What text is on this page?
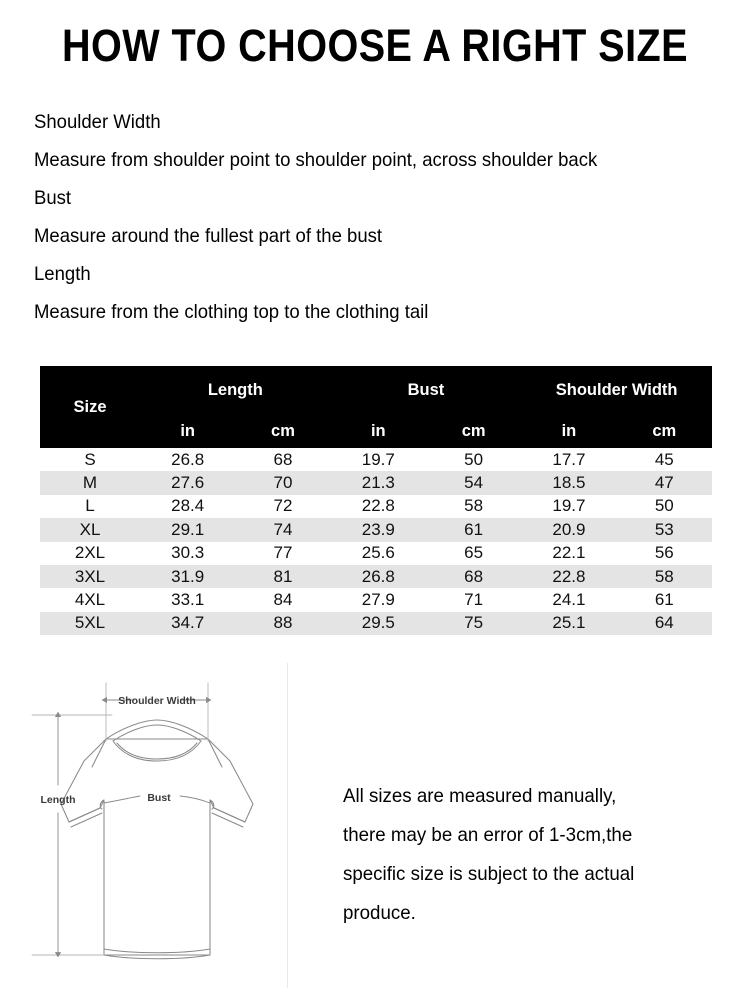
HOW TO CHOOSE A RIGHT SIZE

Shoulder Width

Measure from shoulder point to shoulder point, across shoulder back

Bust

Measure around the fullest part of the bust

Length

Measure from the clothing top to the clothing tail

Size	Length		Bust		Shoulder Width	
	in	cm	in	cm	in	cm
S	26.8	68	19.7	50	17.7	45
M	27.6	70	21.3	54	18.5	47
L	28.4	72	22.8	58	19.7	50
XL	29.1	74	23.9	61	20.9	53
2XL	30.3	77	25.6	65	22.1	56
3XL	31.9	81	26.8	68	22.8	58
4XL	33.1	84	27.9	71	24.1	61
5XL	34.7	88	29.5	75	25.1	64
Shoulder Width
Bust
Length	All sizes are measured manually,

there may be an error of 1-3cm,the

specific size is subject to the actual

produce.
